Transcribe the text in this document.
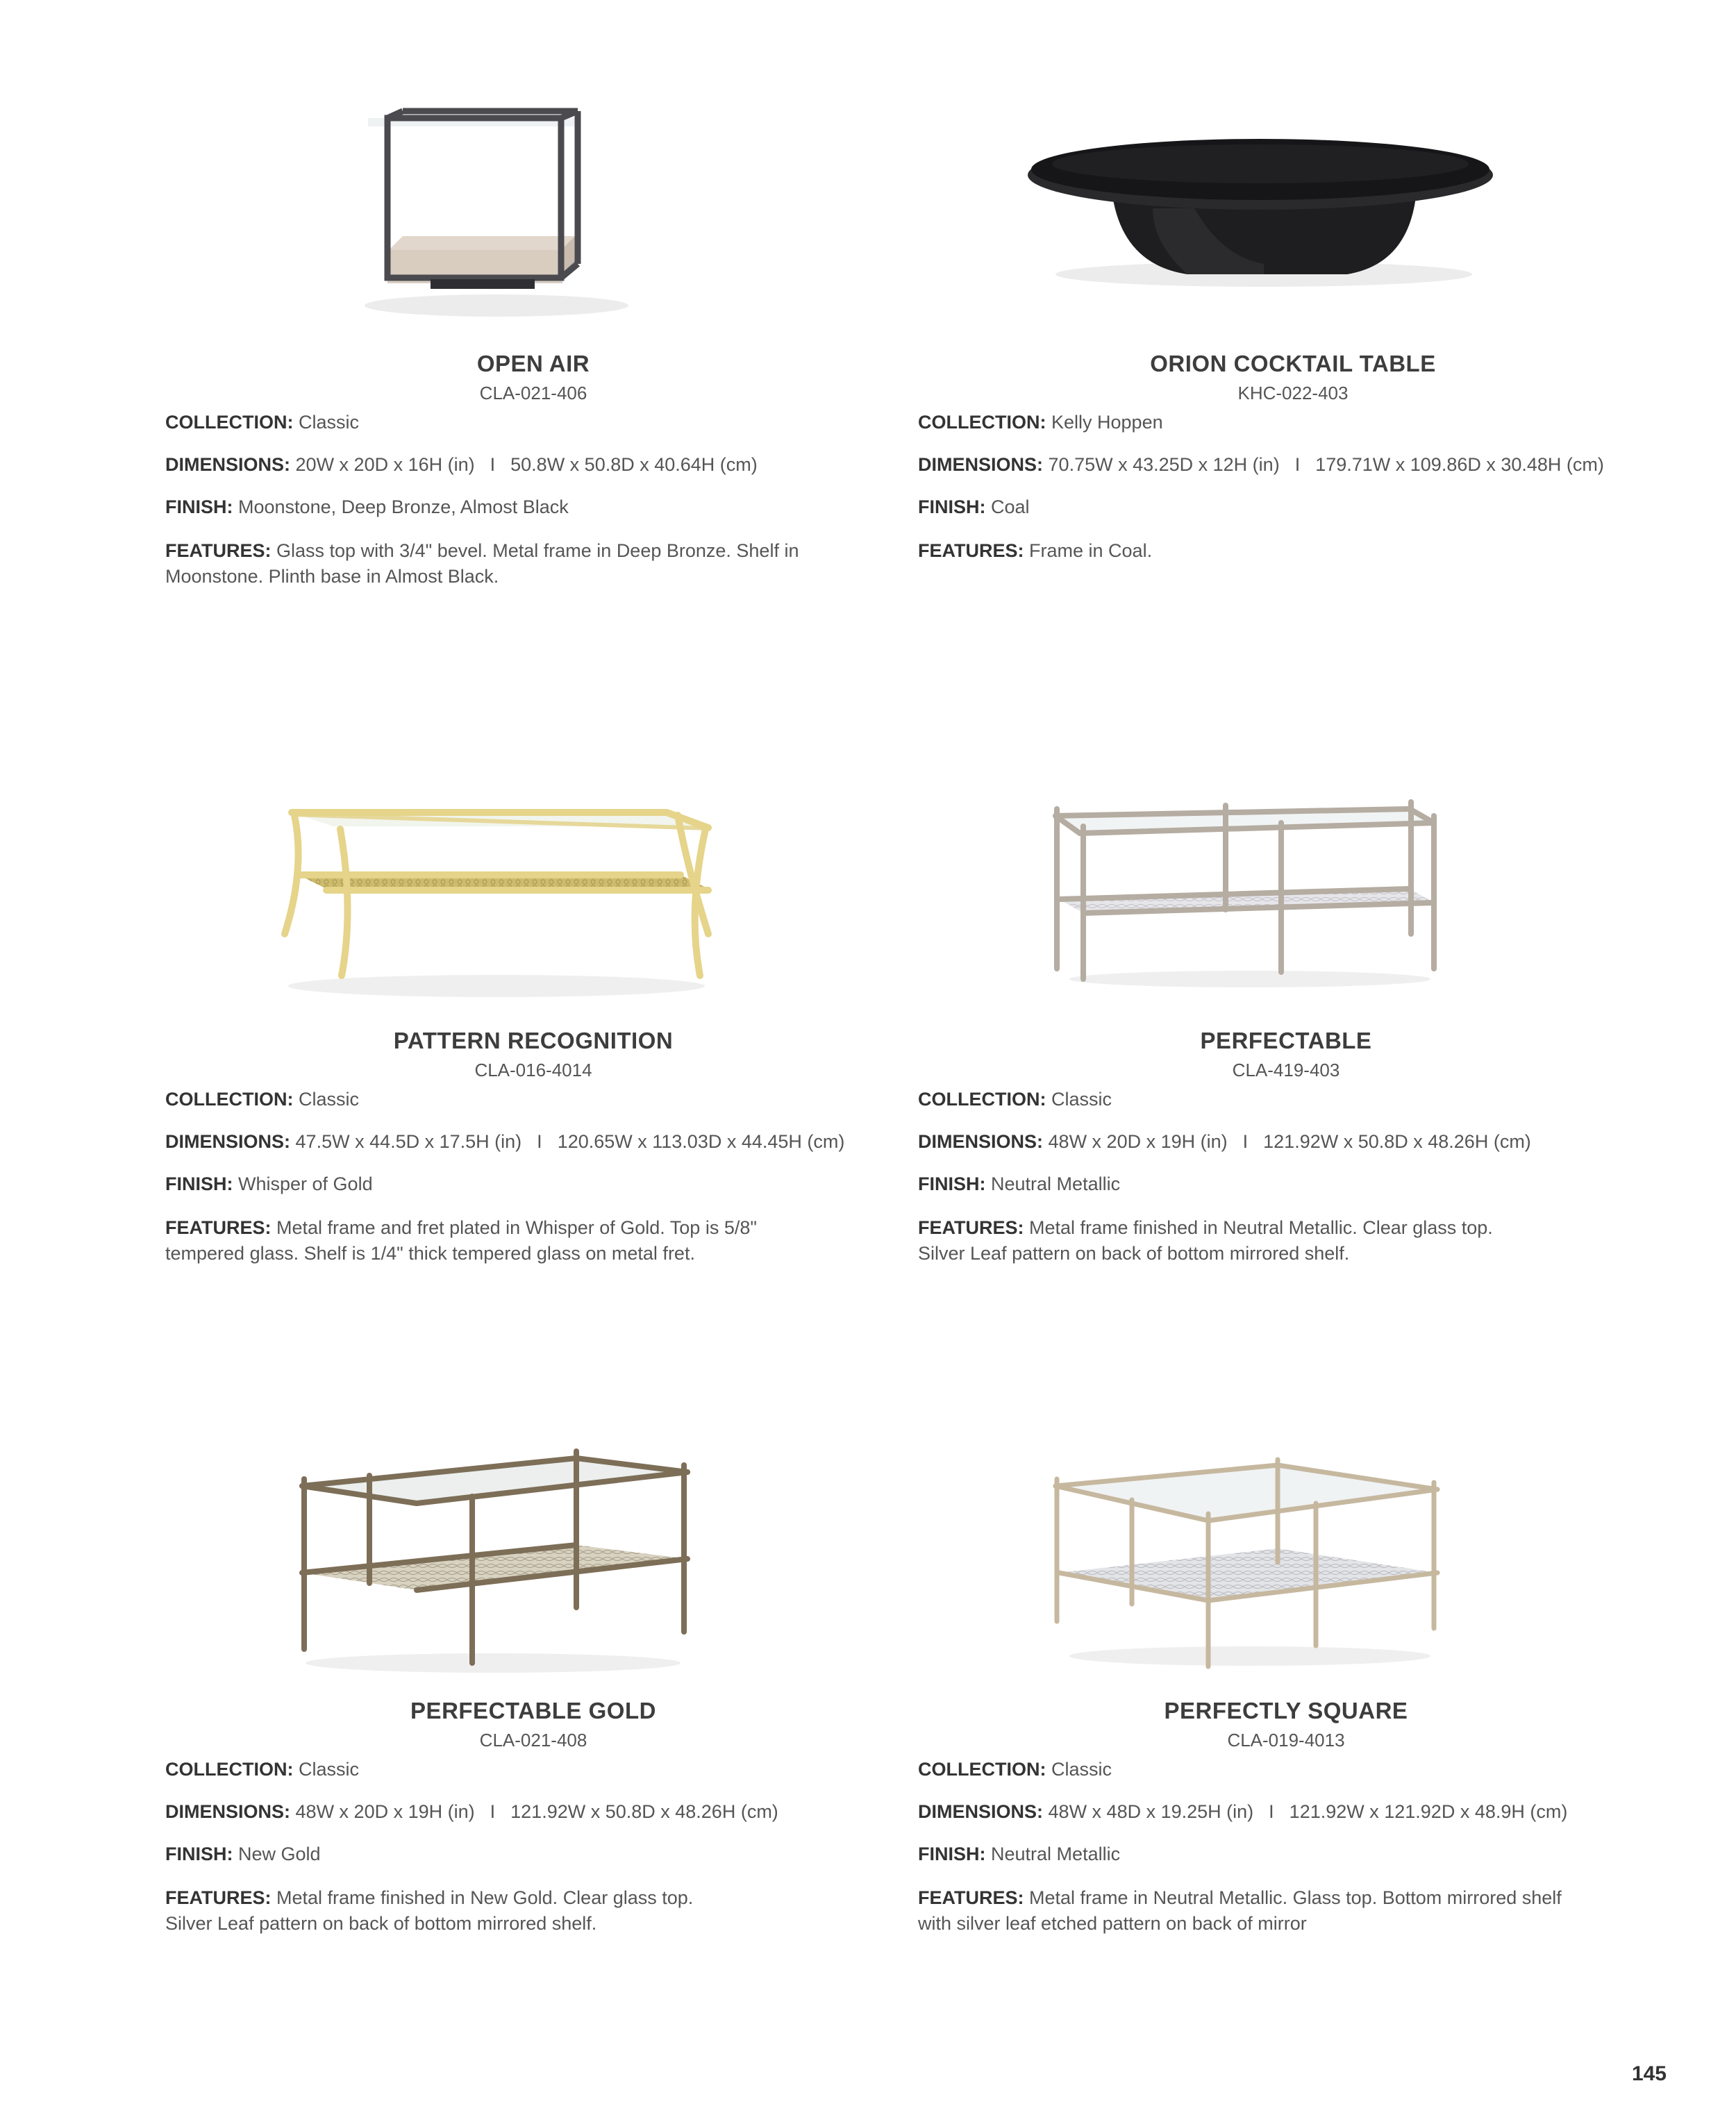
OPEN AIR
CLA-021-406

COLLECTION: Classic

DIMENSIONS: 20W x 20D x 16H (in) I 50.8W x 50.8D x 40.64H (cm)

FINISH: Moonstone, Deep Bronze, Almost Black

FEATURES: Glass top with 3/4" bevel. Metal frame in Deep Bronze. Shelf in
Moonstone. Plinth base in Almost Black.

ORION COCKTAIL TABLE
KHC-022-403

COLLECTION: Kelly Hoppen

DIMENSIONS: 70.75W x 43.25D x 12H (in) I 179.71W x 109.86D x 30.48H (cm)

FINISH: Coal

FEATURES: Frame in Coal.

PATTERN RECOGNITION
CLA-016-4014

COLLECTION: Classic

DIMENSIONS: 47.5W x 44.5D x 17.5H (in) I 120.65W x 113.03D x 44.45H (cm)

FINISH: Whisper of Gold

FEATURES: Metal frame and fret plated in Whisper of Gold. Top is 5/8"
tempered glass. Shelf is 1/4" thick tempered glass on metal fret.

PERFECTABLE
CLA-419-403

COLLECTION: Classic

DIMENSIONS: 48W x 20D x 19H (in) I 121.92W x 50.8D x 48.26H (cm)

FINISH: Neutral Metallic

FEATURES: Metal frame finished in Neutral Metallic. Clear glass top.
Silver Leaf pattern on back of bottom mirrored shelf.

PERFECTABLE GOLD
CLA-021-408

COLLECTION: Classic

DIMENSIONS: 48W x 20D x 19H (in) I 121.92W x 50.8D x 48.26H (cm)

FINISH: New Gold

FEATURES: Metal frame finished in New Gold. Clear glass top.
Silver Leaf pattern on back of bottom mirrored shelf.

PERFECTLY SQUARE
CLA-019-4013

COLLECTION: Classic

DIMENSIONS: 48W x 48D x 19.25H (in) I 121.92W x 121.92D x 48.9H (cm)

FINISH: Neutral Metallic

FEATURES: Metal frame in Neutral Metallic. Glass top. Bottom mirrored shelf
with silver leaf etched pattern on back of mirror

145
